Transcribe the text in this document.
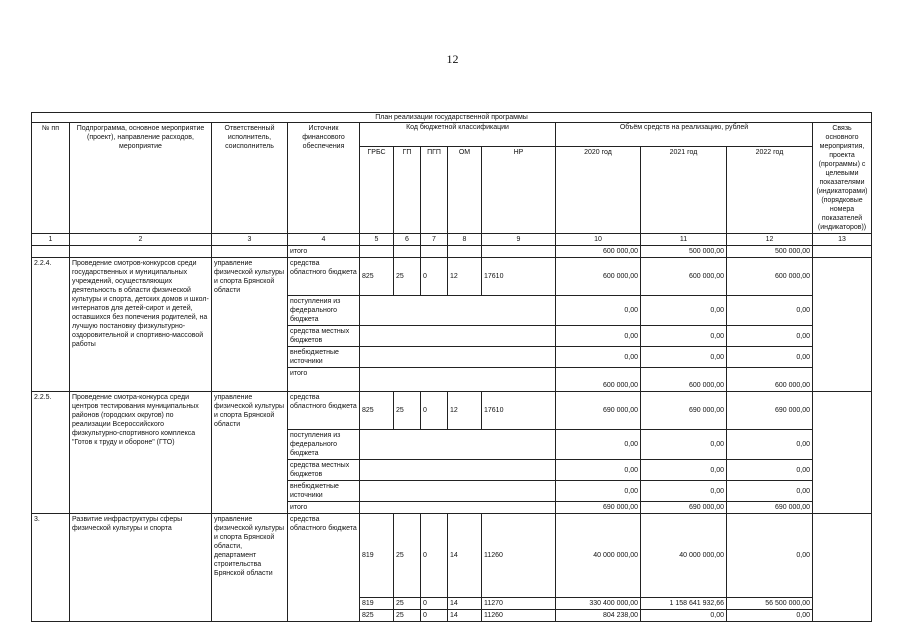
12
План реализации государственной программы												
№ пп	Подпрограмма, основное мероприятие (проект), направление расходов, мероприятие	Ответственный исполнитель, соисполнитель	Источник финансового обеспечения	Код бюджетной классификации					Объём средств на реализацию, рублей			Связь основного мероприятия, проекта (программы) с целевыми показателями (индикаторами) (порядковые номера показателей (индикаторов))
				ГРБС	ГП	ПГП	ОМ	НР	2020 год	2021 год	2022 год	
1	2	3	4	5	6	7	8	9	10	11	12	13
			итого						600 000,00	500 000,00	500 000,00	
2.2.4.	Проведение смотров-конкурсов среди государственных и муниципальных учреждений, осуществляющих деятельность в области физической культуры и спорта, детских домов и школ-интернатов для детей-сирот и детей, оставшихся без попечения родителей, на лучшую постановку физкультурно-оздоровительной и спортивно-массовой работы	управление физической культуры и спорта Брянской области	средства областного бюджета	825	25	0	12	17610	600 000,00	600 000,00	600 000,00	
			поступления из федерального бюджета						0,00	0,00	0,00	
			средства местных бюджетов						0,00	0,00	0,00	
			внебюджетные источники						0,00	0,00	0,00	
			итого						600 000,00	600 000,00	600 000,00	
2.2.5.	Проведение смотра-конкурса среди центров тестирования муниципальных районов (городских округов) по реализации Всероссийского физкультурно-спортивного комплекса "Готов к труду и обороне" (ГТО)	управление физической культуры и спорта Брянской области	средства областного бюджета	825	25	0	12	17610	690 000,00	690 000,00	690 000,00	
			поступления из федерального бюджета						0,00	0,00	0,00	
			средства местных бюджетов						0,00	0,00	0,00	
			внебюджетные источники						0,00	0,00	0,00	
			итого						690 000,00	690 000,00	690 000,00	
3.	Развитие инфраструктуры сферы физической культуры и спорта	управление физической культуры и спорта Брянской области, департамент строительства Брянской области	средства областного бюджета	819	25	0	14	11260	40 000 000,00	40 000 000,00	0,00	
				819	25	0	14	11270	330 400 000,00	1 158 641 932,66	56 500 000,00	
				825	25	0	14	11260	804 238,00	0,00	0,00	
